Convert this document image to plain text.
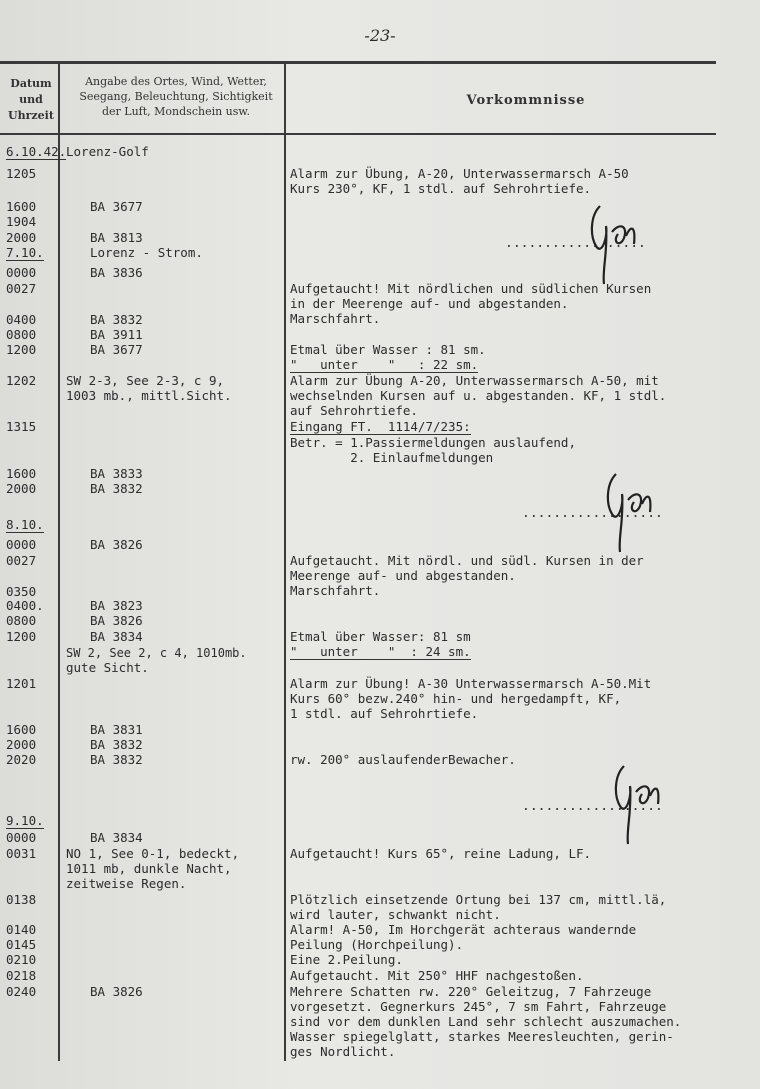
-23-
Datum und Uhrzeit
Angabe des Ortes, Wind, Wetter, Seegang, Beleuchtung, Sichtigkeit der Luft, Mondschein usw.
Vorkommnisse
6.10.42.
1205
1600
1904
2000
7.10.
0000
0027
0400
0800
1200
1202
1315
1600
2000
8.10.
0000
0027
0350
0400.
0800
1200
1201
1600
2000
2020
9.10.
0000
0031
0138
0140
0145
0210
0218
0240
Lorenz-Golf
BA 3677
BA 3813
Lorenz - Strom.
BA 3836
BA 3832
BA 3911
BA 3677
SW 2-3, See 2-3, c 9,
1003 mb., mittl.Sicht.
BA 3833
BA 3832
BA 3826
BA 3823
BA 3826
BA 3834
SW 2, See 2, c 4, 1010mb.
gute Sicht.
BA 3831
BA 3832
BA 3832
BA 3834
NO 1, See 0-1, bedeckt,
1011 mb, dunkle Nacht,
zeitweise Regen.
BA 3826
Alarm zur Übung, A-20, Unterwassermarsch A-50
Kurs 230°, KF, 1 stdl. auf Sehrohrtiefe.
..................
Aufgetaucht! Mit nördlichen und südlichen Kursen
in der Meerenge auf- und abgestanden.
Marschfahrt.
Etmal über Wasser : 81 sm.
"   unter    "   : 22 sm.
Alarm zur Übung A-20, Unterwassermarsch A-50, mit
wechselnden Kursen auf u. abgestanden. KF, 1 stdl.
auf Sehrohrtiefe.
Eingang FT.  1114/7/235:
Betr. = 1.Passiermeldungen auslaufend,
2. Einlaufmeldungen
..................
Aufgetaucht. Mit nördl. und südl. Kursen in der
Meerenge auf- und abgestanden.
Marschfahrt.
Etmal über Wasser: 81 sm
"   unter    "  : 24 sm.
Alarm zur Übung! A-30 Unterwassermarsch A-50.Mit
Kurs 60° bezw.240° hin- und hergedampft, KF,
1 stdl. auf Sehrohrtiefe.
rw. 200° auslaufenderBewacher.
..................
Aufgetaucht! Kurs 65°, reine Ladung, LF.
Plötzlich einsetzende Ortung bei 137 cm, mittl.lä,
wird lauter, schwankt nicht.
Alarm! A-50, Im Horchgerät achteraus wandernde
Peilung (Horchpeilung).
Eine 2.Peilung.
Aufgetaucht. Mit 250° HHF nachgestoßen.
Mehrere Schatten rw. 220° Geleitzug, 7 Fahrzeuge
vorgesetzt. Gegnerkurs 245°, 7 sm Fahrt, Fahrzeuge
sind vor dem dunklen Land sehr schlecht auszumachen.
Wasser spiegelglatt, starkes Meeresleuchten, gerin-
ges Nordlicht.
